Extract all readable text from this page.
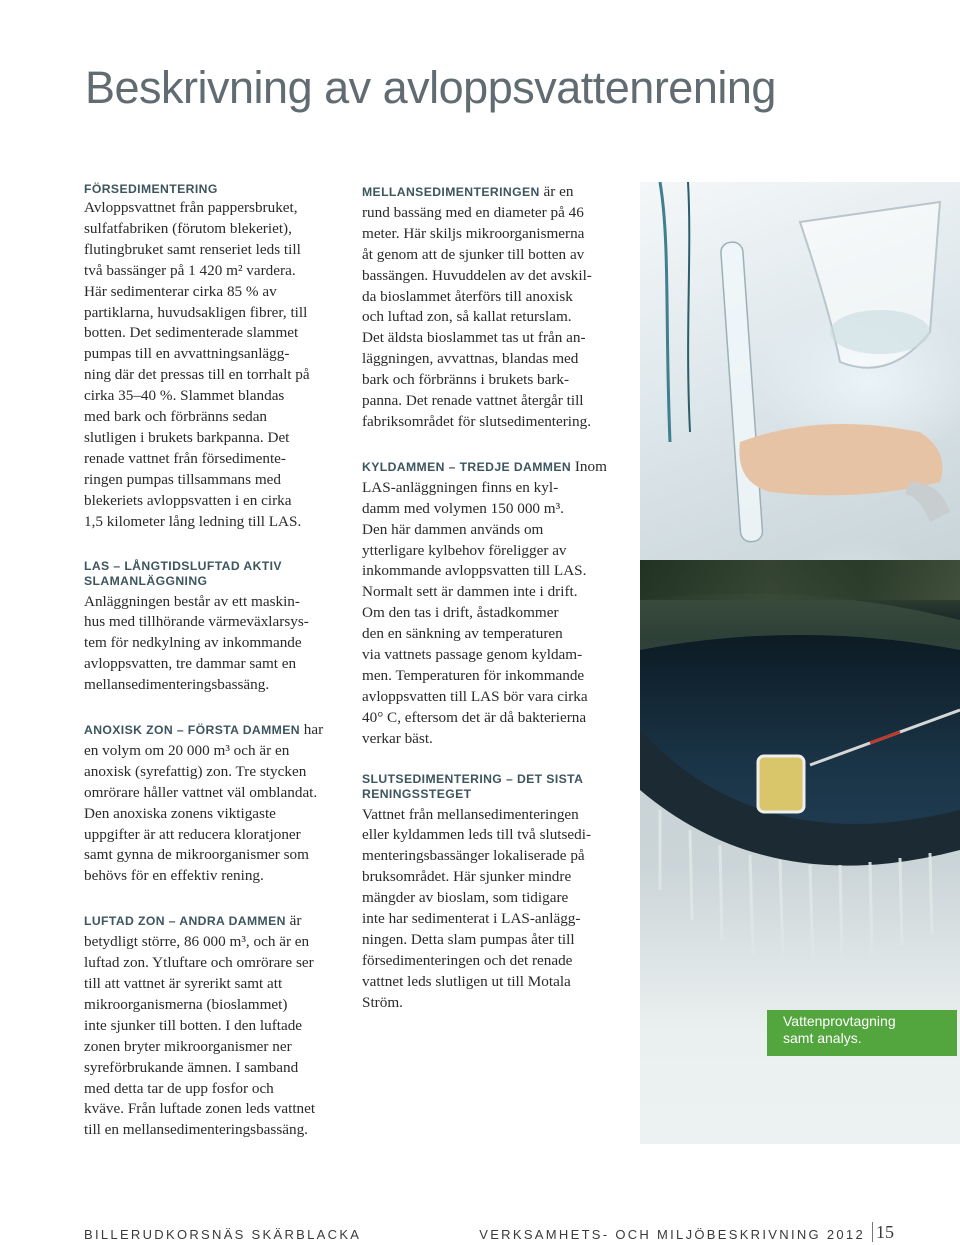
Beskrivning av avloppsvattenrening
FÖRSEDIMENTERING

Avloppsvattnet från pappersbruket,

sulfatfabriken (förutom blekeriet),

flutingbruket samt renseriet leds till

två bassänger på 1 420 m² vardera.

Här sedimenterar cirka 85 % av

partiklarna, huvudsakligen fibrer, till

botten. Det sedimenterade slammet

pumpas till en avvattningsanlägg-

ning där det pressas till en torrhalt på

cirka 35–40 %. Slammet blandas

med bark och förbränns sedan

slutligen i brukets barkpanna. Det

renade vattnet från försedimente-

ringen pumpas tillsammans med

blekeriets avloppsvatten i en cirka

1,5 kilometer lång ledning till LAS.

LAS – LÅNGTIDSLUFTAD AKTIV
SLAMANLÄGGNING

Anläggningen består av ett maskin-

hus med tillhörande värmeväxlarsys-

tem för nedkylning av inkommande

avloppsvatten, tre dammar samt en

mellansedimenteringsbassäng.

ANOXISK ZON – FÖRSTA DAMMEN har

en volym om 20 000 m³ och är en

anoxisk (syrefattig) zon. Tre stycken

omrörare håller vattnet väl omblandat.

Den anoxiska zonens viktigaste

uppgifter är att reducera kloratjoner

samt gynna de mikroorganismer som

behövs för en effektiv rening.

LUFTAD ZON – ANDRA DAMMEN är

betydligt större, 86 000 m³, och är en

luftad zon. Ytluftare och omrörare ser

till att vattnet är syrerikt samt att

mikroorganismerna (bioslammet)

inte sjunker till botten. I den luftade

zonen bryter mikroorganismer ner

syreförbrukande ämnen. I samband

med detta tar de upp fosfor och

kväve. Från luftade zonen leds vattnet

till en mellansedimenteringsbassäng.

MELLANSEDIMENTERINGEN är en

rund bassäng med en diameter på 46

meter. Här skiljs mikroorganismerna

åt genom att de sjunker till botten av

bassängen. Huvuddelen av det avskil-

da bioslammet återförs till anoxisk

och luftad zon, så kallat returslam.

Det äldsta bioslammet tas ut från an-

läggningen, avvattnas, blandas med

bark och förbränns i brukets bark-

panna. Det renade vattnet återgår till

fabriksområdet för slutsedimentering.

KYLDAMMEN – TREDJE DAMMEN Inom

LAS-anläggningen finns en kyl-

damm med volymen 150 000 m³.

Den här dammen används om

ytterligare kylbehov föreligger av

inkommande avloppsvatten till LAS.

Normalt sett är dammen inte i drift.

Om den tas i drift, åstadkommer

den en sänkning av temperaturen

via vattnets passage genom kyldam-

men. Temperaturen för inkommande

avloppsvatten till LAS bör vara cirka

40° C, eftersom det är då bakterierna

verkar bäst.

SLUTSEDIMENTERING – DET SISTA
RENINGSSTEGET

Vattnet från mellansedimenteringen

eller kyldammen leds till två slutsedi-

menteringsbassänger lokaliserade på

bruksområdet. Här sjunker mindre

mängder av bioslam, som tidigare

inte har sedimenterat i LAS-anlägg-

ningen. Detta slam pumpas åter till

försedimenteringen och det renade

vattnet leds slutligen ut till Motala

Ström.

Vattenprovtagning
samt analys.
BILLERUDKORSNÄS SKÄRBLACKA	VERKSAMHETS- OCH MILJÖBESKRIVNING 2012 15
